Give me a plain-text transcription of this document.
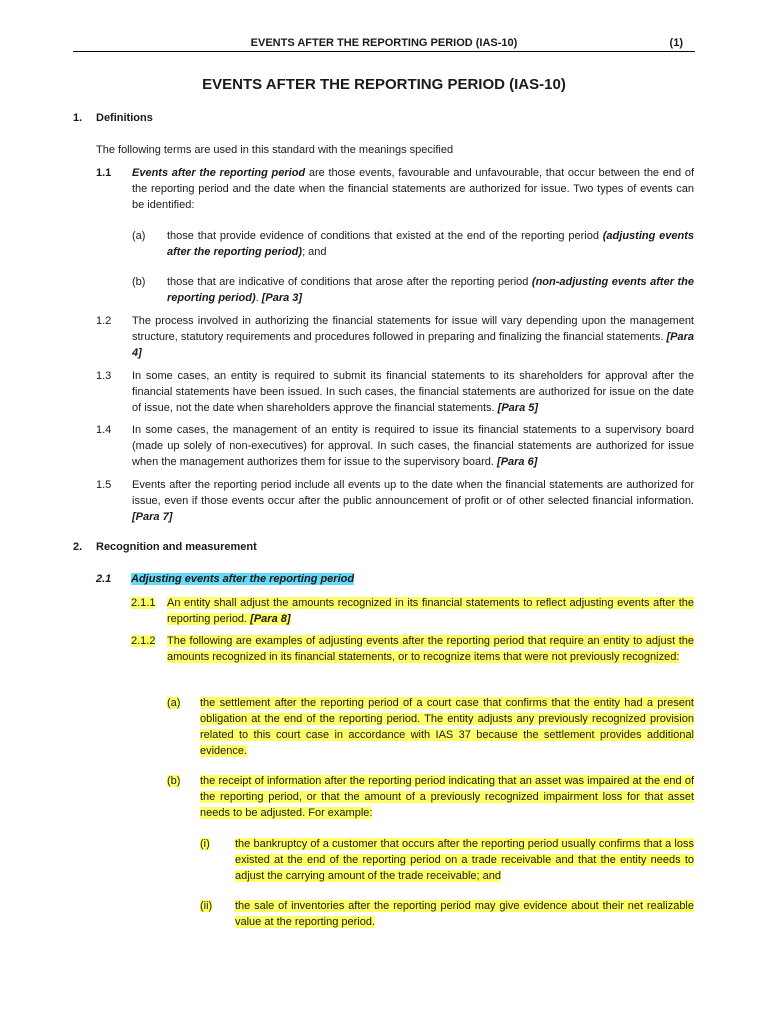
EVENTS AFTER THE REPORTING PERIOD (IAS-10)	(1)
EVENTS AFTER THE REPORTING PERIOD (IAS-10)
1. Definitions
The following terms are used in this standard with the meanings specified
1.1 Events after the reporting period are those events, favourable and unfavourable, that occur between the end of the reporting period and the date when the financial statements are authorized for issue. Two types of events can be identified:
(a) those that provide evidence of conditions that existed at the end of the reporting period (adjusting events after the reporting period); and
(b) those that are indicative of conditions that arose after the reporting period (non-adjusting events after the reporting period). [Para 3]
1.2 The process involved in authorizing the financial statements for issue will vary depending upon the management structure, statutory requirements and procedures followed in preparing and finalizing the financial statements. [Para 4]
1.3 In some cases, an entity is required to submit its financial statements to its shareholders for approval after the financial statements have been issued. In such cases, the financial statements are authorized for issue on the date of issue, not the date when shareholders approve the financial statements. [Para 5]
1.4 In some cases, the management of an entity is required to issue its financial statements to a supervisory board (made up solely of non-executives) for approval. In such cases, the financial statements are authorized for issue when the management authorizes them for issue to the supervisory board. [Para 6]
1.5 Events after the reporting period include all events up to the date when the financial statements are authorized for issue, even if those events occur after the public announcement of profit or of other selected financial information. [Para 7]
2. Recognition and measurement
2.1 Adjusting events after the reporting period
2.1.1 An entity shall adjust the amounts recognized in its financial statements to reflect adjusting events after the reporting period. [Para 8]
2.1.2 The following are examples of adjusting events after the reporting period that require an entity to adjust the amounts recognized in its financial statements, or to recognize items that were not previously recognized:
(a) the settlement after the reporting period of a court case that confirms that the entity had a present obligation at the end of the reporting period. The entity adjusts any previously recognized provision related to this court case in accordance with IAS 37 because the settlement provides additional evidence.
(b) the receipt of information after the reporting period indicating that an asset was impaired at the end of the reporting period, or that the amount of a previously recognized impairment loss for that asset needs to be adjusted. For example:
(i) the bankruptcy of a customer that occurs after the reporting period usually confirms that a loss existed at the end of the reporting period on a trade receivable and that the entity needs to adjust the carrying amount of the trade receivable; and
(ii) the sale of inventories after the reporting period may give evidence about their net realizable value at the reporting period.
